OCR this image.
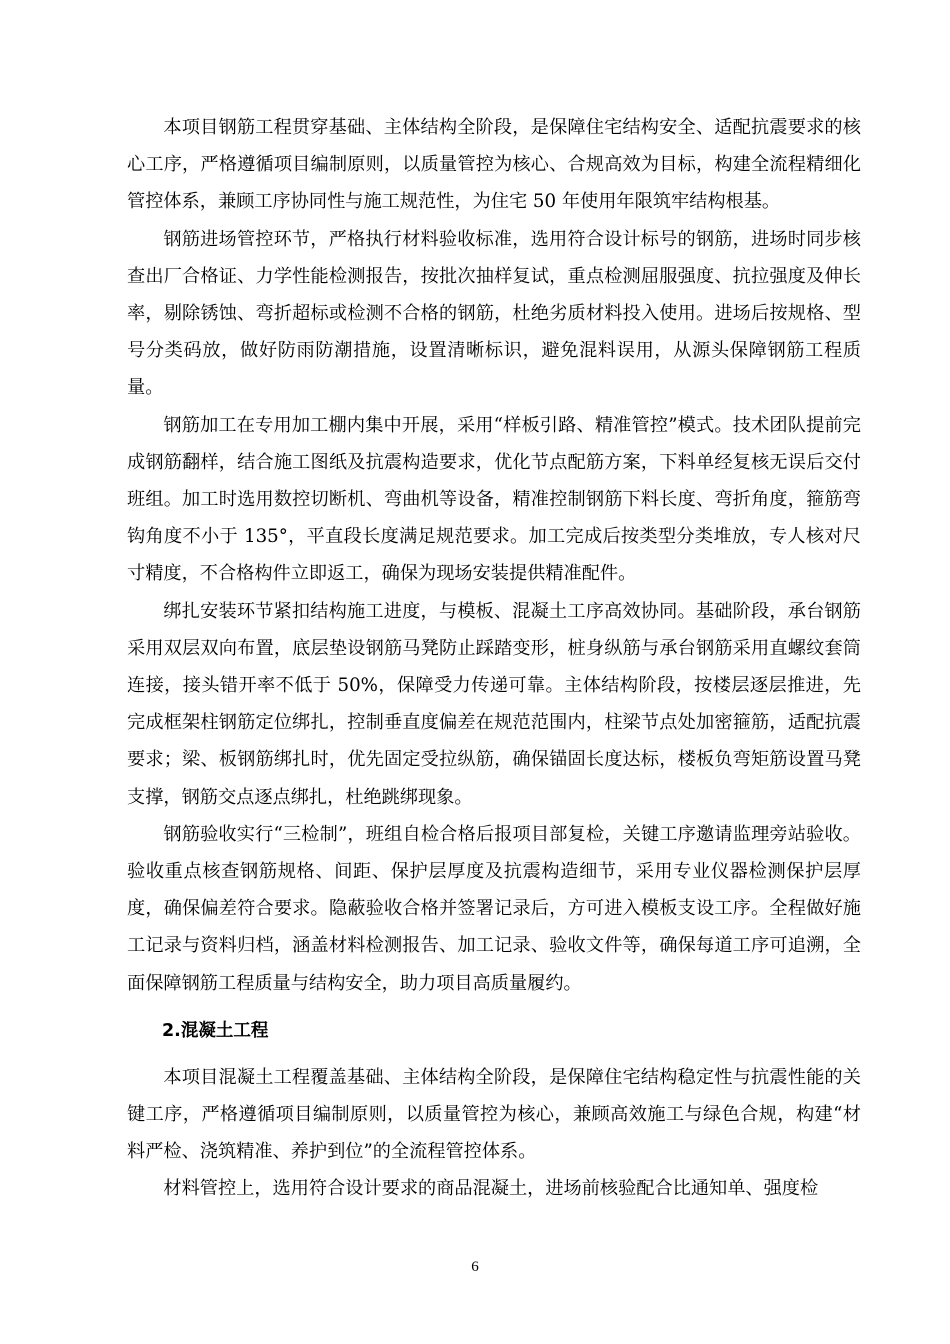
本项目钢筋工程贯穿基础、主体结构全阶段，是保障住宅结构安全、适配抗震要求的核心工序，严格遵循项目编制原则，以质量管控为核心、合规高效为目标，构建全流程精细化管控体系，兼顾工序协同性与施工规范性，为住宅 50 年使用年限筑牢结构根基。

钢筋进场管控环节，严格执行材料验收标准，选用符合设计标号的钢筋，进场时同步核查出厂合格证、力学性能检测报告，按批次抽样复试，重点检测屈服强度、抗拉强度及伸长率，剔除锈蚀、弯折超标或检测不合格的钢筋，杜绝劣质材料投入使用。进场后按规格、型号分类码放，做好防雨防潮措施，设置清晰标识，避免混料误用，从源头保障钢筋工程质量。

钢筋加工在专用加工棚内集中开展，采用“样板引路、精准管控”模式。技术团队提前完成钢筋翻样，结合施工图纸及抗震构造要求，优化节点配筋方案，下料单经复核无误后交付班组。加工时选用数控切断机、弯曲机等设备，精准控制钢筋下料长度、弯折角度，箍筋弯钩角度不小于 135°，平直段长度满足规范要求。加工完成后按类型分类堆放，专人核对尺寸精度，不合格构件立即返工，确保为现场安装提供精准配件。

绑扎安装环节紧扣结构施工进度，与模板、混凝土工序高效协同。基础阶段，承台钢筋采用双层双向布置，底层垫设钢筋马凳防止踩踏变形，桩身纵筋与承台钢筋采用直螺纹套筒连接，接头错开率不低于 50%，保障受力传递可靠。主体结构阶段，按楼层逐层推进，先完成框架柱钢筋定位绑扎，控制垂直度偏差在规范范围内，柱梁节点处加密箍筋，适配抗震要求；梁、板钢筋绑扎时，优先固定受拉纵筋，确保锚固长度达标，楼板负弯矩筋设置马凳支撑，钢筋交点逐点绑扎，杜绝跳绑现象。

钢筋验收实行“三检制”，班组自检合格后报项目部复检，关键工序邀请监理旁站验收。验收重点核查钢筋规格、间距、保护层厚度及抗震构造细节，采用专业仪器检测保护层厚度，确保偏差符合要求。隐蔽验收合格并签署记录后，方可进入模板支设工序。全程做好施工记录与资料归档，涵盖材料检测报告、加工记录、验收文件等，确保每道工序可追溯，全面保障钢筋工程质量与结构安全，助力项目高质量履约。

2.混凝土工程

本项目混凝土工程覆盖基础、主体结构全阶段，是保障住宅结构稳定性与抗震性能的关键工序，严格遵循项目编制原则，以质量管控为核心，兼顾高效施工与绿色合规，构建“材料严检、浇筑精准、养护到位”的全流程管控体系。

材料管控上，选用符合设计要求的商品混凝土，进场前核验配合比通知单、强度检

6
